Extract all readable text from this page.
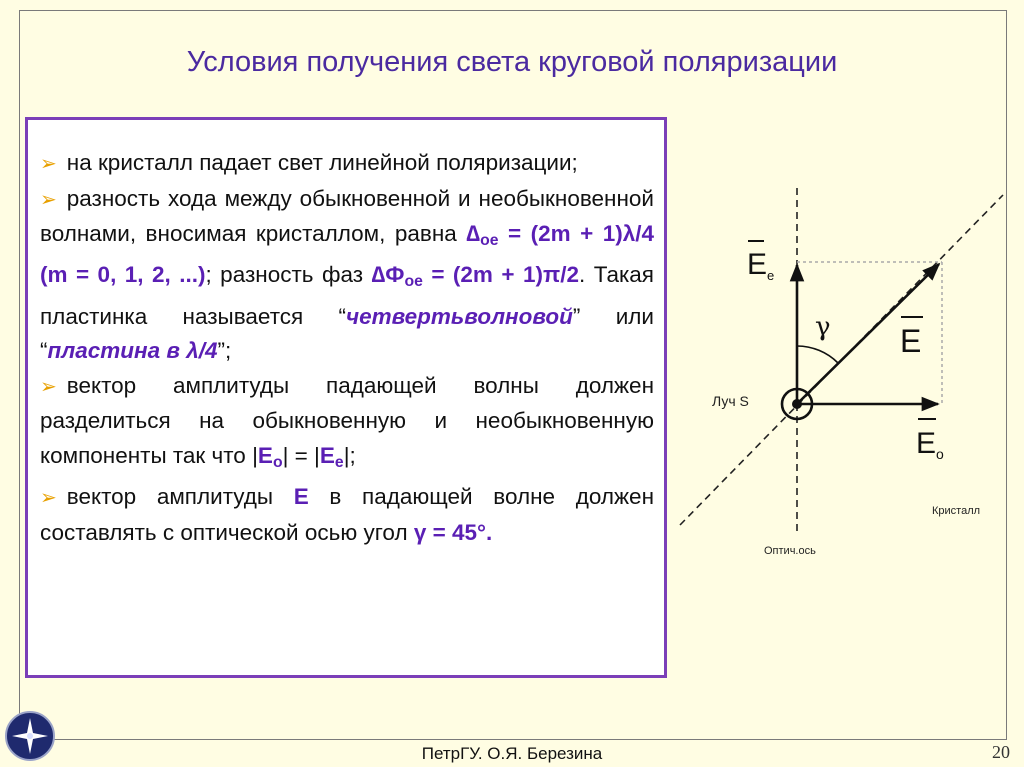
Условия получения света круговой поляризации

➢ на кристалл падает свет линейной поляризации;

➢ разность хода между обыкновенной и необыкновенной волнами, вносимая кристаллом, равна $\Delta_{oe} = (2m + 1)\lambda/4$ (m = 0, 1, 2, ...); разность фаз $\Delta Ф_{oe} = (2m + 1)\pi/2$. Такая пластинка называется “четвертьволновой” или “пластина в λ/4”;

➢ вектор амплитуды падающей волны должен разделиться на обыкновенную и необыкновенную компоненты так что $|E_o| = |E_e|$;

➢ вектор амплитуды E в падающей волне должен составлять с оптической осью угол γ = 45°.

$E_e$
E
$E_o$
γ
Луч S
Кристалл
Оптич.ось
ПетрГУ. О.Я. Березина	20
